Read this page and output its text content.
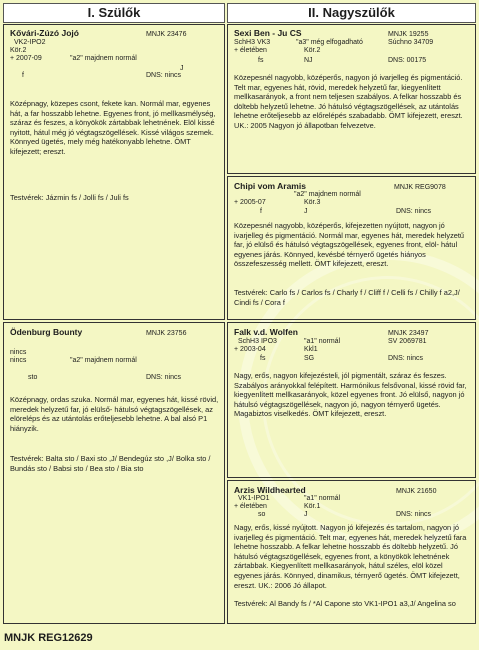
I. Szülők	II. Nagyszülők
Kővári-Zúzó Jojó	MNJK 23476
VK2-IPO2
Kör.2
+ 2007-09	"a2" majdnem normál
J
f	DNS: nincs
Középnagy, közepes csont, fekete kan. Normál mar, egyenes hát, a far hosszabb lehetne. Egyenes front, jó mellkasmélység, száraz és feszes, a könyökök zártabbak lehetnének. Elöl kissé nyitott, hátul még jó végtagszögellések. Kissé világos szemek. Könnyed ügetés, mely még hatékonyabb lehetne. ÖMT kifejezett; ereszt.
Testvérek: Jázmin fs / Jolli fs / Juli fs
Ödenburg Bounty	MNJK 23756
nincs
nincs	"a2" majdnem normál
sto	DNS: nincs
Középnagy, ordas szuka. Normál mar, egyenes hát, kissé rövid, meredek helyzetű far, jó elülső- hátulsó végtagszögellések, az elöreléps és az utántolás erőteljesebb lehetne. A bal alsó P1 hiányzik.
Testvérek: Balta sto / Baxi sto ,J/ Bendegúz sto ,J/ Bolka sto / Bundás sto / Babsi sto / Bea sto / Bia sto
Sexi Ben - Ju CS	MNJK 19255
SchH3 VK3	"a3" még elfogadható	Súchno 34709
+ életében	Kör.2
fs	NJ	DNS: 00175
Közepesnél nagyobb, középerős, nagyon jó ivarjelleg és pigmentáció. Telt mar, egyenes hát, rövid, meredek helyzetű far, kiegyenlített mellkasarányok, a front nem teljesen szabályos. A felkar hosszabb és döltebb helyzetű lehetne. Jó hátulsó végtagszögellések, az utántolás lehetne erőteljesebb az előrelépés szabadabb. ÖMT kifejezett, ereszt. UK.: 2005 Nagyon jó állapotban felvezetve.
Chipi vom Aramis	MNJK REG9078
"a2" majdnem normál
+ 2005-07	Kör.3
f	J	DNS: nincs
Közepesnél nagyobb, középerős, kifejezetten nyújtott, nagyon jó ivarjelleg és pigmentáció. Normál mar, egyenes hát, meredek helyzetű far, jó elülső és hátulsó végtagszögellések, egyenes front, elöl- hátul egyenes járás. Könnyed, kevésbé térnyerő ügetés hiányos összefeszesség mellett. ÖMT kifejezett, ereszt.
Testvérek: Carlo fs / Carlos fs / Charly f / Cliff f / Celli fs / Chilly f a2,J/ Cindi fs / Cora f
Falk v.d. Wolfen	MNJK 23497
SchH3 IPO3	"a1" normál	SV 2069781
+ 2003-04	Kkl1
fs	SG	DNS: nincs
Nagy, erős, nagyon kifejezésteli, jól pigmentált, száraz és feszes. Szabályos arányokkal felépített. Harmónikus felsővonal, kissé rövid far, kiegyenlített mellkasarányok, közel egyenes front. Jó elülső, nagyon jó hátulsó végtagszögellések, nagyon jó, nagyon térnyerő ügetés. Magabiztos viselkedés. ÖMT kifejezett, ereszt.
Arzis Wildhearted	MNJK 21650
VK1-IPO1	"a1" normál
+ életében	Kör.1
so	J	DNS: nincs
Nagy, erős, kissé nyújtott. Nagyon jó kifejezés és tartalom, nagyon jó ivarjelleg és pigmentáció. Telt mar, egyenes hát, meredek helyzetű fara lehetne hosszabb. A felkar lehetne hosszabb és döltebb helyzetű. Jó hátulsó végtagszögellések, egyenes front, a könyökök lehetnének zártabbak. Kiegyenlített mellkasarányok, hátul széles, elöl közel egyenes járás. Könnyed, dinamikus, térnyerő ügetés. ÖMT kifejezett, ereszt. UK.: 2006 Jó állapot.
Testvérek: Al Bandy fs / *Al Capone sto VK1-IPO1 a3,J/ Angelina so
MNJK REG12629
